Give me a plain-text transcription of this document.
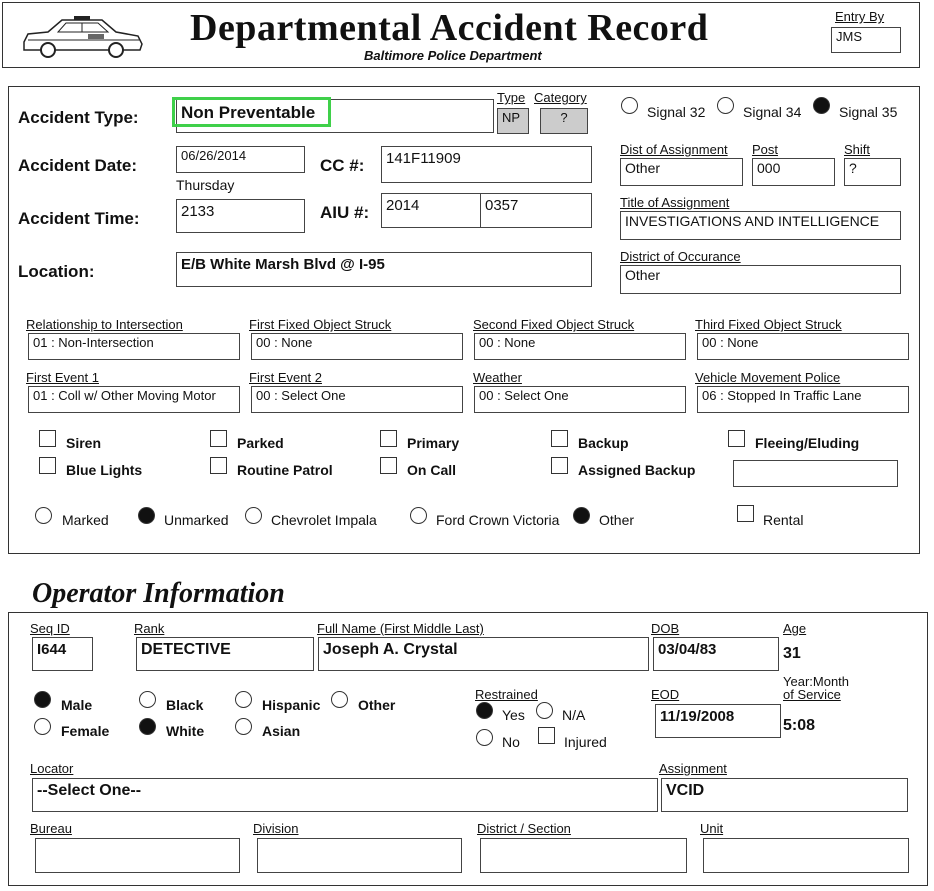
Departmental Accident Record
Baltimore Police Department
Entry By
JMS
Accident Type: Non Preventable
Type
NP
Category
?	Signal 32	Signal 34	Signal 35
Accident Date:
06/26/2014
Thursday
CC #:	141F11909
Dist of Assignment
Other
Post
000
Shift
?
Accident Time:	2133	AIU #:	2014	0357	Title of Assignment
INVESTIGATIONS AND INTELLIGENCE
Location:	E/B White Marsh Blvd @ I-95	District of Occurance
Other
Relationship to Intersection
01 : Non-Intersection
First Fixed Object Struck
00 : None
Second Fixed Object Struck
00 : None
Third Fixed Object Struck
00 : None
First Event 1
01 : Coll w/ Other Moving Motor
First Event 2
00 : Select One
Weather
00 : Select One
Vehicle Movement Police
06 : Stopped In Traffic Lane
Siren	Parked	Primary	Backup	Fleeing/Eluding
Blue Lights	Routine Patrol	On Call	Assigned Backup
Marked	Unmarked	Chevrolet Impala	Ford Crown Victoria	Other	Rental
Operator Information
Seq ID
I644
Rank
DETECTIVE
Full Name (First Middle Last)
Joseph A. Crystal
DOB
03/04/83
Age
31
Male
Female
Black
White
Hispanic
Asian
Other
Restrained
Yes	N/A
No	Injured
EOD
11/19/2008
Year:Month
of Service
5:08
Locator
--Select One--
Assignment
VCID
Bureau	Division	District / Section	Unit
